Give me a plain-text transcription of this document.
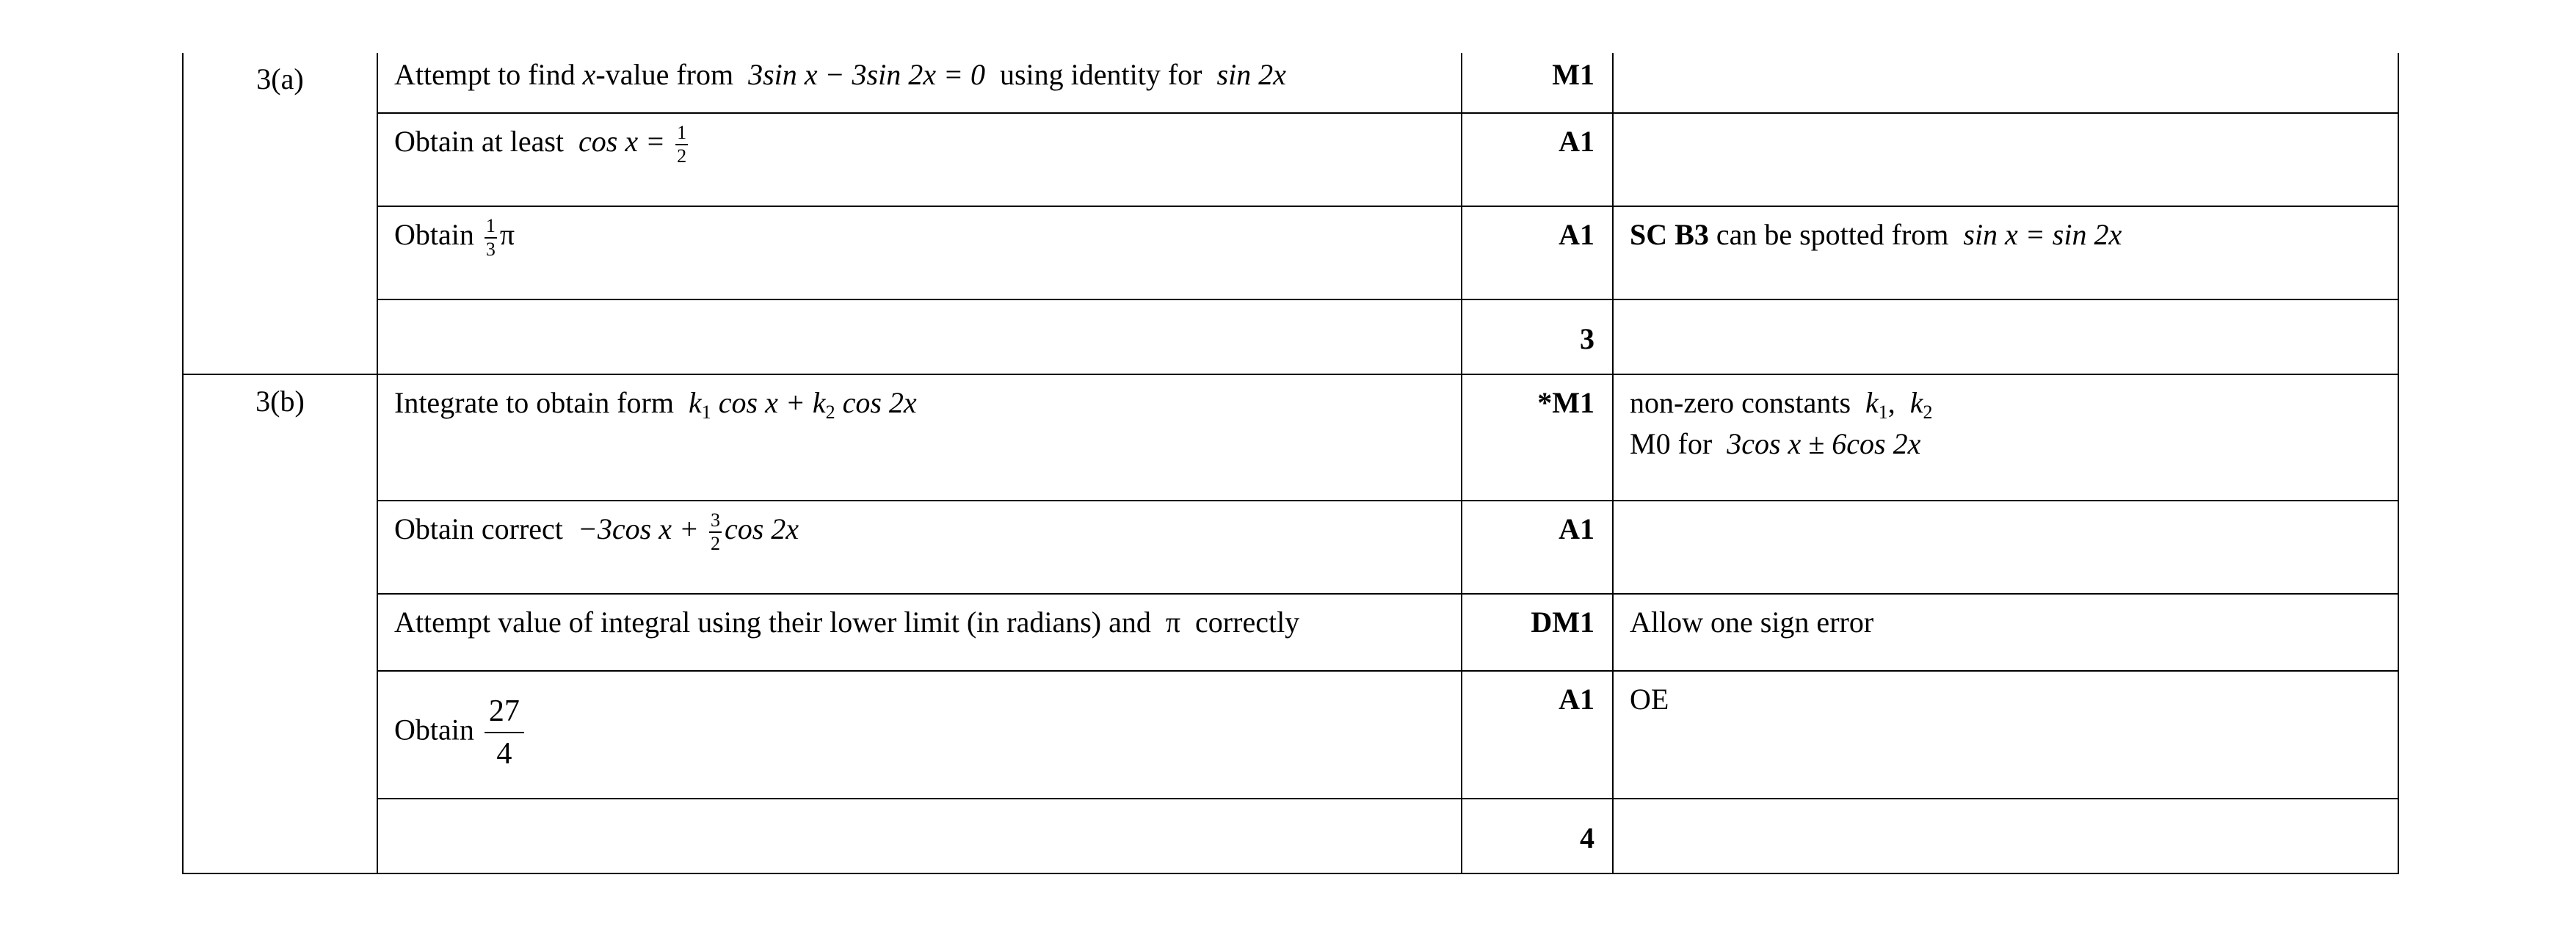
3(a)	Attempt to find x-value from 3sin x − 3sin 2x = 0 using identity for sin 2x	M1	
	Obtain at least $\cos x = \frac{1}{2}$	A1	
	Obtain $\frac{1}{3}$ π	A1	SC B3 can be spotted from sin x = sin 2x
		3	
3(b)	Integrate to obtain form $k_1$ $\cos x + k_2$ cos 2x	*M1	non-zero constants $k_1$, $k_2$
M0 for 3cos x ± 6cos 2x

	Obtain correct −3cos $x + \frac{3}{2}$ cos 2x	A1	
	Attempt value of integral using their lower limit (in radians) and π correctly	DM1	Allow one sign error
	Obtain $\frac{27}{4}$	A1	OE
		4	
